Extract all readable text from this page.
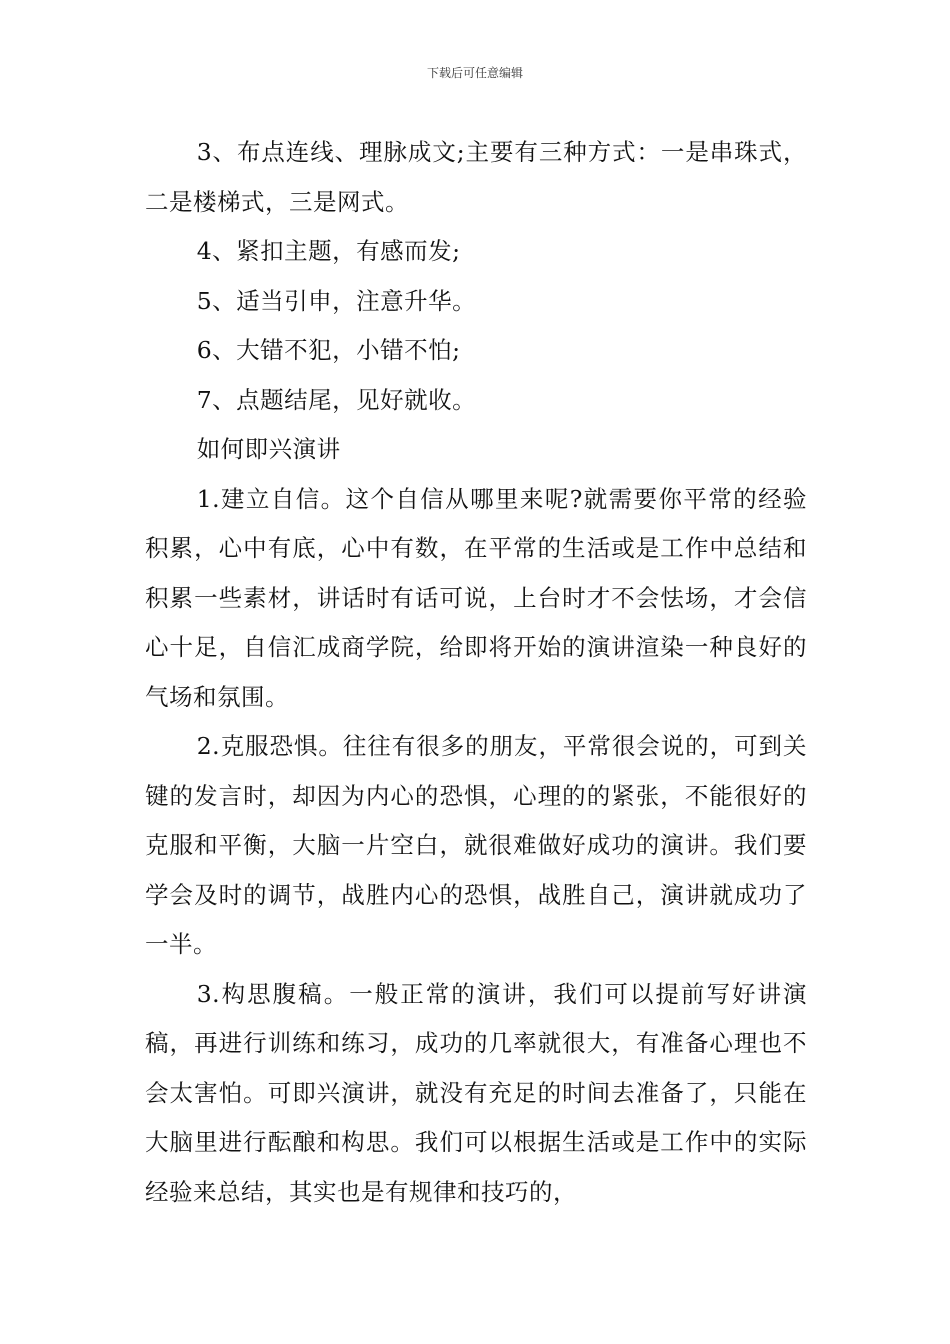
下载后可任意编辑

3、布点连线、理脉成文;主要有三种方式：一是串珠式，二是楼梯式，三是网式。

4、紧扣主题，有感而发;

5、适当引申，注意升华。

6、大错不犯，小错不怕;

7、点题结尾，见好就收。

如何即兴演讲

1.建立自信。这个自信从哪里来呢?就需要你平常的经验积累，心中有底，心中有数，在平常的生活或是工作中总结和积累一些素材，讲话时有话可说，上台时才不会怯场，才会信心十足，自信汇成商学院，给即将开始的演讲渲染一种良好的气场和氛围。

2.克服恐惧。往往有很多的朋友，平常很会说的，可到关键的发言时，却因为内心的恐惧，心理的的紧张，不能很好的克服和平衡，大脑一片空白，就很难做好成功的演讲。我们要学会及时的调节，战胜内心的恐惧，战胜自己，演讲就成功了一半。

3.构思腹稿。一般正常的演讲，我们可以提前写好讲演稿，再进行训练和练习，成功的几率就很大，有准备心理也不会太害怕。可即兴演讲，就没有充足的时间去准备了，只能在大脑里进行酝酿和构思。我们可以根据生活或是工作中的实际经验来总结，其实也是有规律和技巧的，
